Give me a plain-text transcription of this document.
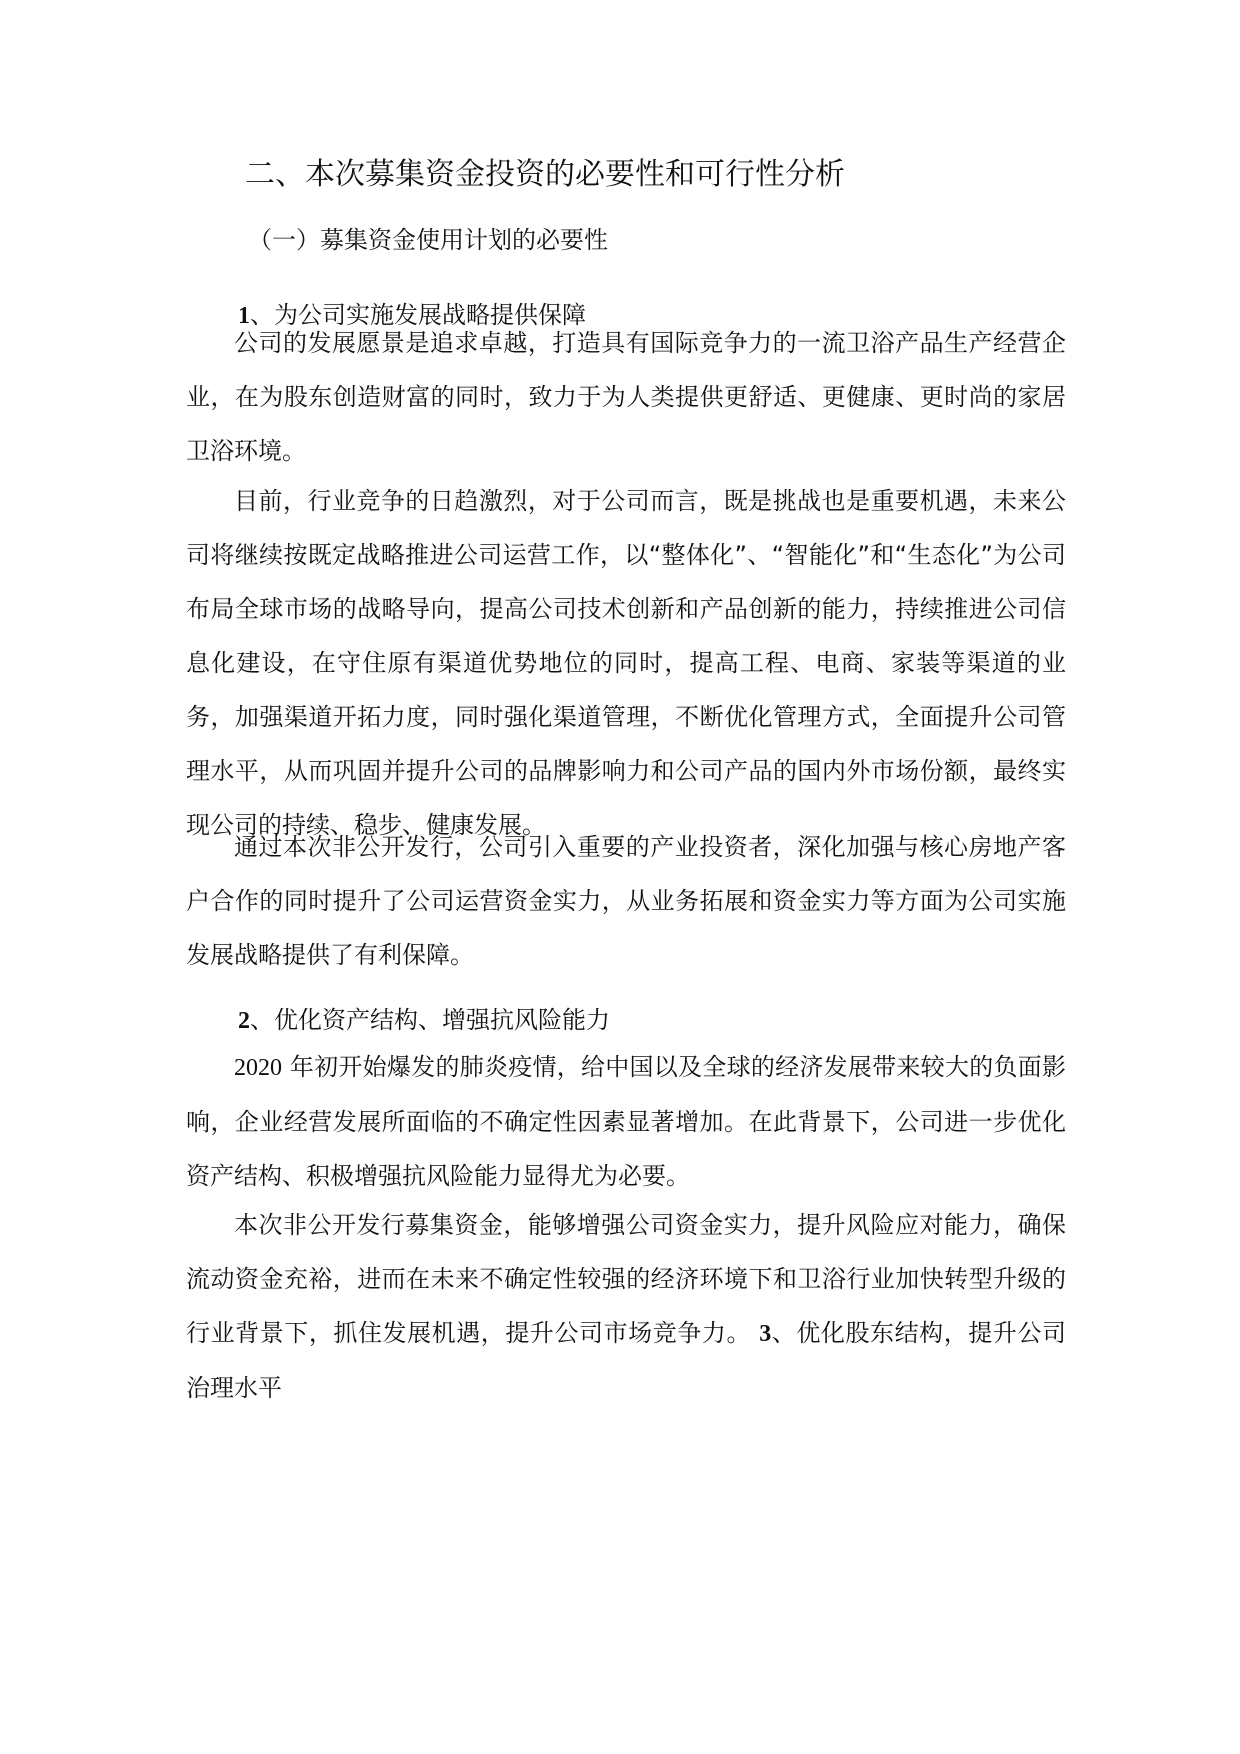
二、本次募集资金投资的必要性和可行性分析
（一）募集资金使用计划的必要性
1、为公司实施发展战略提供保障

公司的发展愿景是追求卓越，打造具有国际竞争力的一流卫浴产品生产经营企业，在为股东创造财富的同时，致力于为人类提供更舒适、更健康、更时尚的家居卫浴环境。

目前，行业竞争的日趋激烈，对于公司而言，既是挑战也是重要机遇，未来公司将继续按既定战略推进公司运营工作，以“整体化”、“智能化”和“生态化”为公司布局全球市场的战略导向，提高公司技术创新和产品创新的能力，持续推进公司信息化建设，在守住原有渠道优势地位的同时，提高工程、电商、家装等渠道的业务，加强渠道开拓力度，同时强化渠道管理，不断优化管理方式，全面提升公司管理水平，从而巩固并提升公司的品牌影响力和公司产品的国内外市场份额，最终实现公司的持续、稳步、健康发展。

通过本次非公开发行，公司引入重要的产业投资者，深化加强与核心房地产客户合作的同时提升了公司运营资金实力，从业务拓展和资金实力等方面为公司实施发展战略提供了有利保障。

2、优化资产结构、增强抗风险能力

2020 年初开始爆发的肺炎疫情，给中国以及全球的经济发展带来较大的负面影响，企业经营发展所面临的不确定性因素显著增加。在此背景下，公司进一步优化资产结构、积极增强抗风险能力显得尤为必要。

本次非公开发行募集资金，能够增强公司资金实力，提升风险应对能力，确保流动资金充裕，进而在未来不确定性较强的经济环境下和卫浴行业加快转型升级的行业背景下，抓住发展机遇，提升公司市场竞争力。 3、优化股东结构，提升公司治理水平
